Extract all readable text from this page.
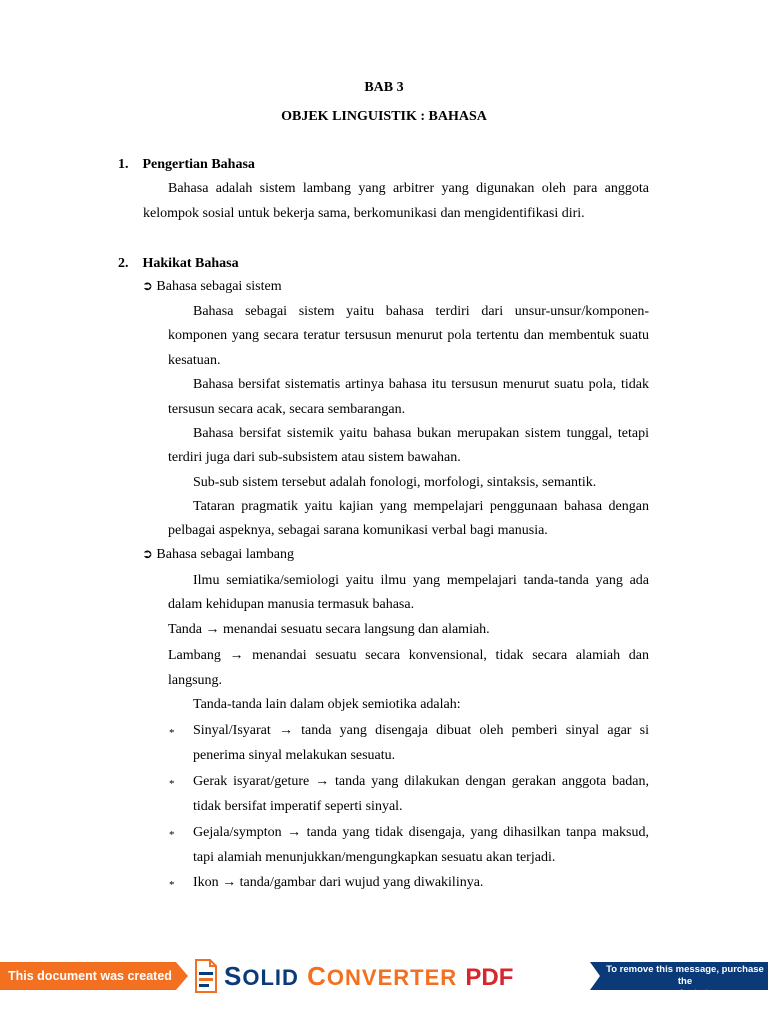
BAB 3
OBJEK LINGUISTIK : BAHASA
1.    Pengertian Bahasa
Bahasa adalah sistem lambang yang arbitrer yang digunakan oleh para anggota
kelompok sosial untuk bekerja sama, berkomunikasi dan mengidentifikasi diri.
2.    Hakikat Bahasa
➲ Bahasa sebagai sistem
Bahasa sebagai sistem yaitu bahasa terdiri dari unsur-unsur/komponen-
komponen yang secara teratur tersusun menurut pola tertentu dan membentuk suatu
kesatuan.
Bahasa bersifat sistematis artinya bahasa itu tersusun menurut suatu pola, tidak
tersusun secara acak, secara sembarangan.
Bahasa bersifat sistemik yaitu bahasa bukan merupakan sistem tunggal, tetapi
terdiri juga dari sub-subsistem atau sistem bawahan.
Sub-sub sistem tersebut adalah fonologi, morfologi, sintaksis, semantik.
Tataran pragmatik yaitu kajian yang mempelajari penggunaan bahasa dengan
pelbagai aspeknya, sebagai sarana komunikasi verbal bagi manusia.
➲ Bahasa sebagai lambang
Ilmu semiatika/semiologi yaitu ilmu yang mempelajari tanda-tanda yang ada
dalam kehidupan manusia termasuk bahasa.
Tanda → menandai sesuatu secara langsung dan alamiah.
Lambang → menandai sesuatu secara konvensional, tidak secara alamiah dan
langsung.
Tanda-tanda lain dalam objek semiotika adalah:
* Sinyal/Isyarat → tanda yang disengaja dibuat oleh pemberi sinyal agar si
penerima sinyal melakukan sesuatu.
* Gerak isyarat/geture → tanda yang dilakukan dengan gerakan anggota badan,
tidak bersifat imperatif seperti sinyal.
* Gejala/sympton → tanda yang tidak disengaja, yang dihasilkan tanpa maksud,
tapi alamiah menunjukkan/mengungkapkan sesuatu akan terjadi.
* Ikon → tanda/gambar dari wujud yang diwakilinya.
This document was created using
SOLID CONVERTER PDF	To remove this message, purchase the
product at www.SolidDocuments.com
